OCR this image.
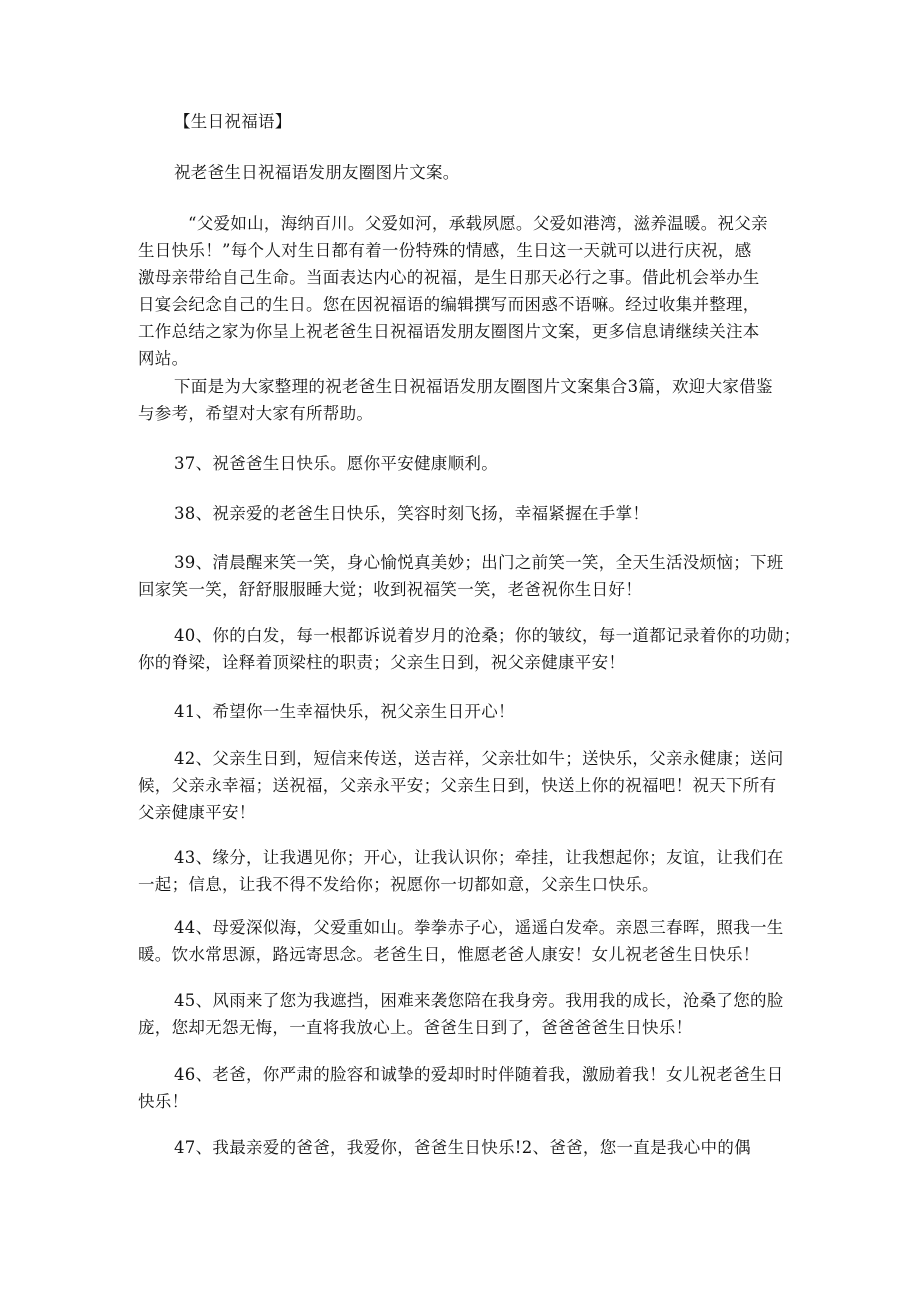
【生日祝福语】

祝老爸生日祝福语发朋友圈图片文案。

“父爱如山，海纳百川。父爱如河，承载夙愿。父爱如港湾，滋养温暖。祝父亲
生日快乐！”每个人对生日都有着一份特殊的情感，生日这一天就可以进行庆祝，感
激母亲带给自己生命。当面表达内心的祝福，是生日那天必行之事。借此机会举办生
日宴会纪念自己的生日。您在因祝福语的编辑撰写而困惑不语嘛。经过收集并整理，
工作总结之家为你呈上祝老爸生日祝福语发朋友圈图片文案，更多信息请继续关注本
网站。

下面是为大家整理的祝老爸生日祝福语发朋友圈图片文案集合3篇，欢迎大家借鉴
与参考，希望对大家有所帮助。

37、祝爸爸生日快乐。愿你平安健康顺利。

38、祝亲爱的老爸生日快乐，笑容时刻飞扬，幸福紧握在手掌！

39、清晨醒来笑一笑，身心愉悦真美妙；出门之前笑一笑，全天生活没烦恼；下班
回家笑一笑，舒舒服服睡大觉；收到祝福笑一笑，老爸祝你生日好！

40、你的白发，每一根都诉说着岁月的沧桑；你的皱纹，每一道都记录着你的功勋；
你的脊梁，诠释着顶梁柱的职责；父亲生日到，祝父亲健康平安！

41、希望你一生幸福快乐，祝父亲生日开心！

42、父亲生日到，短信来传送，送吉祥，父亲壮如牛；送快乐，父亲永健康；送问
候，父亲永幸福；送祝福，父亲永平安；父亲生日到，快送上你的祝福吧！祝天下所有
父亲健康平安！

43、缘分，让我遇见你；开心，让我认识你；牵挂，让我想起你；友谊，让我们在
一起；信息，让我不得不发给你；祝愿你一切都如意，父亲生口快乐。

44、母爱深似海，父爱重如山。拳拳赤子心，遥遥白发牵。亲恩三春晖，照我一生
暖。饮水常思源，路远寄思念。老爸生日，惟愿老爸人康安！女儿祝老爸生日快乐！

45、风雨来了您为我遮挡，困难来袭您陪在我身旁。我用我的成长，沧桑了您的脸
庞，您却无怨无悔，一直将我放心上。爸爸生日到了，爸爸爸爸生日快乐！

46、老爸，你严肃的脸容和诚挚的爱却时时伴随着我，激励着我！女儿祝老爸生日
快乐！

47、我最亲爱的爸爸，我爱你，爸爸生日快乐!2、爸爸，您一直是我心中的偶
